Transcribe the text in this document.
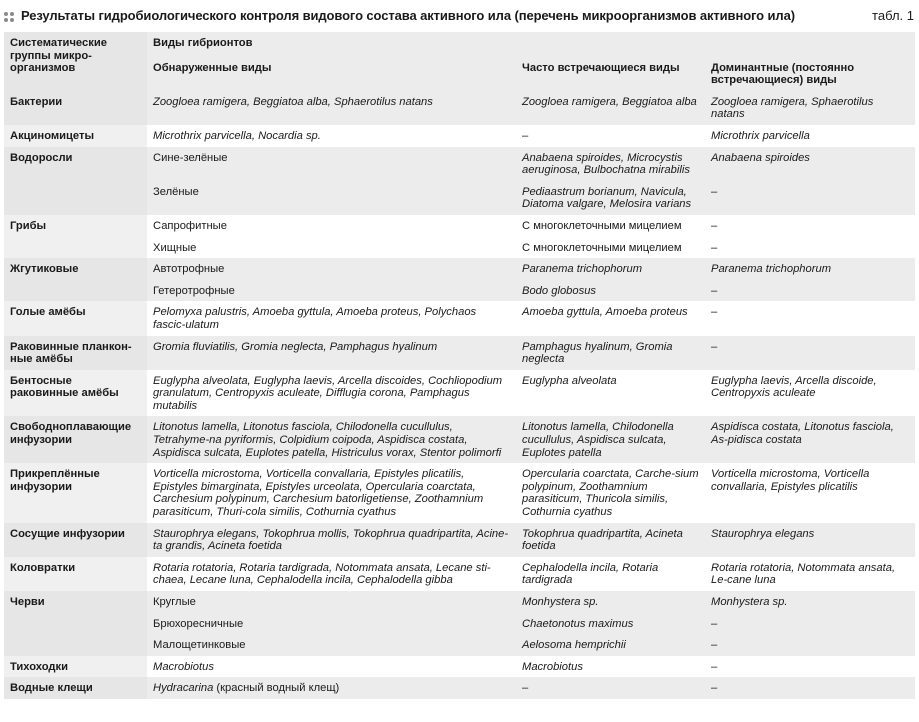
Результаты гидробиологического контроля видового состава активного ила (перечень микроорганизмов активного ила)	табл. 1
Систематические группы микро-организмов	Виды гибрионтов		
	Обнаруженные виды	Часто встречающиеся виды	Доминантные (постоянно встречающиеся) виды
Бактерии	Zoogloea ramigera, Beggiatoa alba, Sphaerotilus natans	Zoogloea ramigera, Beggiatoa alba	Zoogloea ramigera, Sphaerotilus natans
Акциномицеты	Microthrix parvicella, Nocardia sp.	–	Microthrix parvicella
Водоросли	Сине-зелёные	Anabaena spiroides, Microcystis aeruginosa, Bulbochatna mirabilis	Anabaena spiroides
	Зелёные	Pediaastrum borianum, Navicula, Diatoma valgare, Melosira varians	–
Грибы	Сапрофитные	С многоклеточными мицелием	–
	Хищные	С многоклеточными мицелием	–
Жгутиковые	Автотрофные	Paranema trichophorum	Paranema trichophorum
	Гетеротрофные	Bodo globosus	–
Голые амёбы	Pelomyxa palustris, Amoeba gyttula, Amoeba proteus, Polychaos fascic-ulatum	Amoeba gyttula, Amoeba proteus	–
Раковинные планкон-ные амёбы	Gromia fluviatilis, Gromia neglecta, Pamphagus hyalinum	Pamphagus hyalinum, Gromia neglecta	–
Бентосные раковинные амёбы	Euglypha alveolata, Euglypha laevis, Arcella discoides, Cochliopodium granulatum, Centropyxis aculeate, Difflugia corona, Pamphagus mutabilis	Euglypha alveolata	Euglypha laevis, Arcella discoide, Centropyxis aculeate
Свободноплавающие инфузории	Litonotus lamella, Litonotus fasciola, Chilodonella cucullulus, Tetrahyme-na pyriformis, Colpidium coipoda, Aspidisca costata, Aspidisca sulcata, Euplotes patella, Histriculus vorax, Stentor polimorfi	Litonotus lamella, Chilodonella cucullulus, Aspidisca sulcata, Euplotes patella	Aspidisca costata, Litonotus fasciola, As-pidisca costata
Прикреплённые инфузории	Vorticella microstoma, Vorticella convallaria, Epistyles plicatilis, Epistyles bimarginata, Epistyles urceolata, Opercularia coarctata, Carchesium polypinum, Carchesium batorligetiense, Zoothamnium parasiticum, Thuri-cola similis, Cothurnia cyathus	Opercularia coarctata, Carche-sium polypinum, Zoothamnium parasiticum, Thuricola similis, Cothurnia cyathus	Vorticella microstoma, Vorticella convallaria, Epistyles plicatilis
Сосущие инфузории	Staurophrya elegans, Tokophrua mollis, Tokophrua quadripartita, Acine-ta grandis, Acineta foetida	Tokophrua quadripartita, Acineta foetida	Staurophrya elegans
Коловратки	Rotaria rotatoria, Rotaria tardigrada, Notommata ansata, Lecane sti-chaea, Lecane luna, Cephalodella incila, Cephalodella gibba	Cephalodella incila, Rotaria tardigrada	Rotaria rotatoria, Notommata ansata, Le-cane luna
Черви	Круглые	Monhystera sp.	Monhystera sp.
	Брюхоресничные	Chaetonotus maximus	–
	Малощетинковые	Aelosoma hemprichii	–
Тихоходки	Macrobiotus	Macrobiotus	–
Водные клещи	Hydracarina (красный водный клещ)	–	–
